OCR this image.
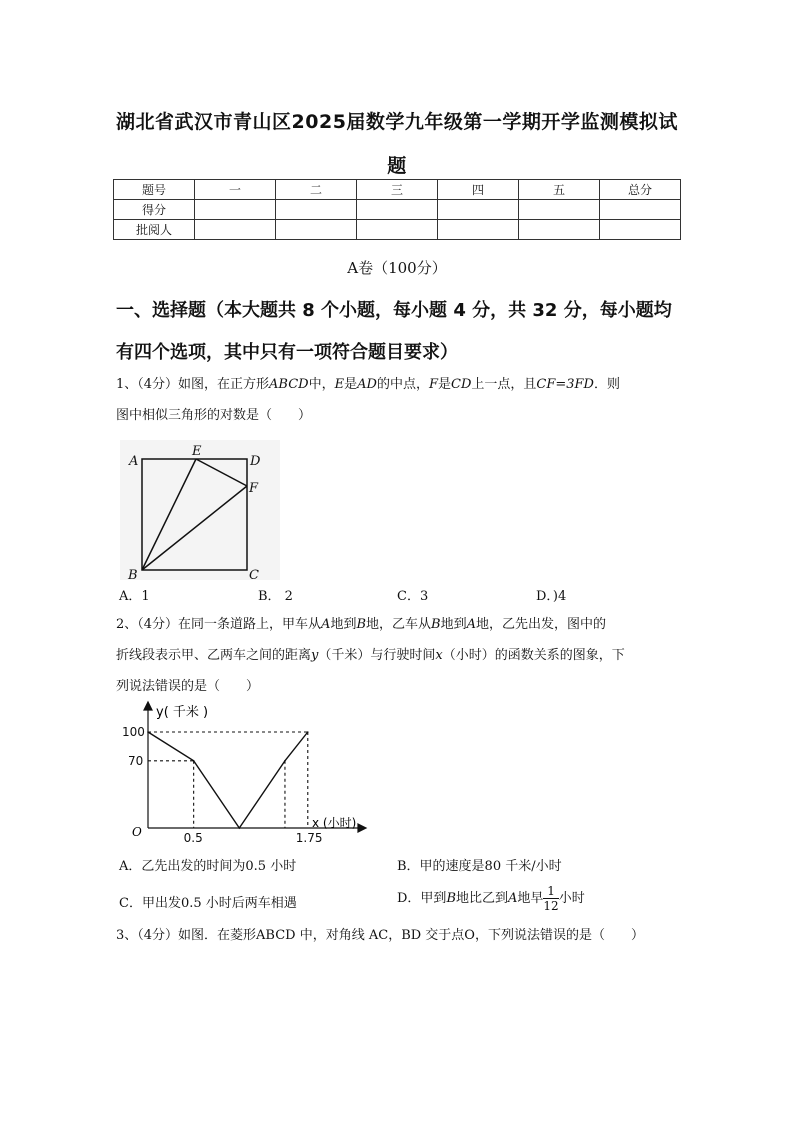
湖北省武汉市青山区2025届数学九年级第一学期开学监测模拟试
题
题号	一	二	三	四	五	总分
得分						
批阅人						
A卷（100分）
一、选择题（本大题共 8 个小题，每小题 4 分，共 32 分，每小题均
有四个选项，其中只有一项符合题目要求）
1、（4分）如图，在正方形ABCD中，E是AD的中点，F是CD上一点，且CF=3FD．则
图中相似三角形的对数是（　　）
A
E
D
F
B	C
A．1	B． 2	C．3	D．)4
2、（4分）在同一条道路上，甲车从A地到B地，乙车从B地到A地，乙先出发，图中的
折线段表示甲、乙两车之间的距离y（千米）与行驶时间x（小时）的函数关系的图象，下
列说法错误的是（　　）
y( 千米 )
x (小时)
O
100
70
0.5	1.75
A．乙先出发的时间为0.5 小时	B．甲的速度是80 千米/小时
C．甲出发0.5 小时后两车相遇	D．甲到B地比乙到A地早 $\frac{1}{12}$ 小时
3、（4分）如图．在菱形ABCD 中，对角线 AC，BD 交于点O，下列说法错误的是（　　）
